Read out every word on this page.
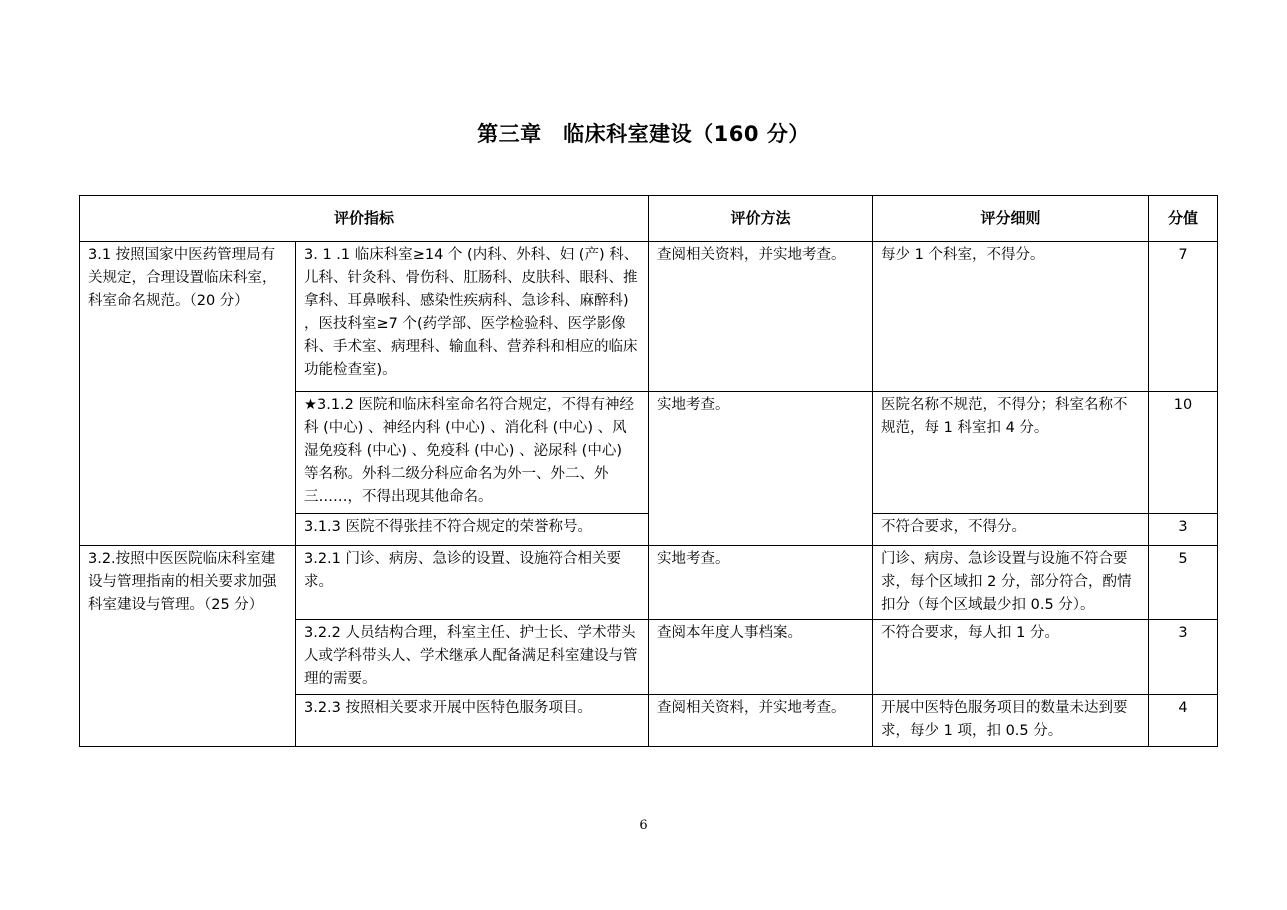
第三章　临床科室建设（160 分）
评价指标		评价方法	评分细则	分值
3.1 按照国家中医药管理局有关规定，合理设置临床科室，科室命名规范。（20 分）	3. 1 .1 临床科室≥14 个 (内科、外科、妇 (产) 科、儿科、针灸科、骨伤科、肛肠科、皮肤科、眼科、推拿科、耳鼻喉科、感染性疾病科、急诊科、麻醉科) ，医技科室≥7 个(药学部、医学检验科、医学影像科、手术室、病理科、输血科、营养科和相应的临床功能检查室)。	查阅相关资料，并实地考查。	每少 1 个科室，不得分。	7
	★3.1.2 医院和临床科室命名符合规定，不得有神经科 (中心) 、神经内科 (中心) 、消化科 (中心) 、风湿免疫科 (中心) 、免疫科 (中心) 、泌尿科 (中心) 等名称。外科二级分科应命名为外一、外二、外三……，不得出现其他命名。	实地考查。	医院名称不规范，不得分；科室名称不规范，每 1 科室扣 4 分。	10
	3.1.3 医院不得张挂不符合规定的荣誉称号。		不符合要求，不得分。	3
3.2.按照中医医院临床科室建设与管理指南的相关要求加强科室建设与管理。（25 分）	3.2.1 门诊、病房、急诊的设置、设施符合相关要求。	实地考查。	门诊、病房、急诊设置与设施不符合要求，每个区域扣 2 分，部分符合，酌情扣分（每个区域最少扣 0.5 分）。	5
	3.2.2 人员结构合理，科室主任、护士长、学术带头人或学科带头人、学术继承人配备满足科室建设与管理的需要。	查阅本年度人事档案。	不符合要求，每人扣 1 分。	3
	3.2.3 按照相关要求开展中医特色服务项目。	查阅相关资料，并实地考查。	开展中医特色服务项目的数量未达到要求，每少 1 项，扣 0.5 分。	4
6
